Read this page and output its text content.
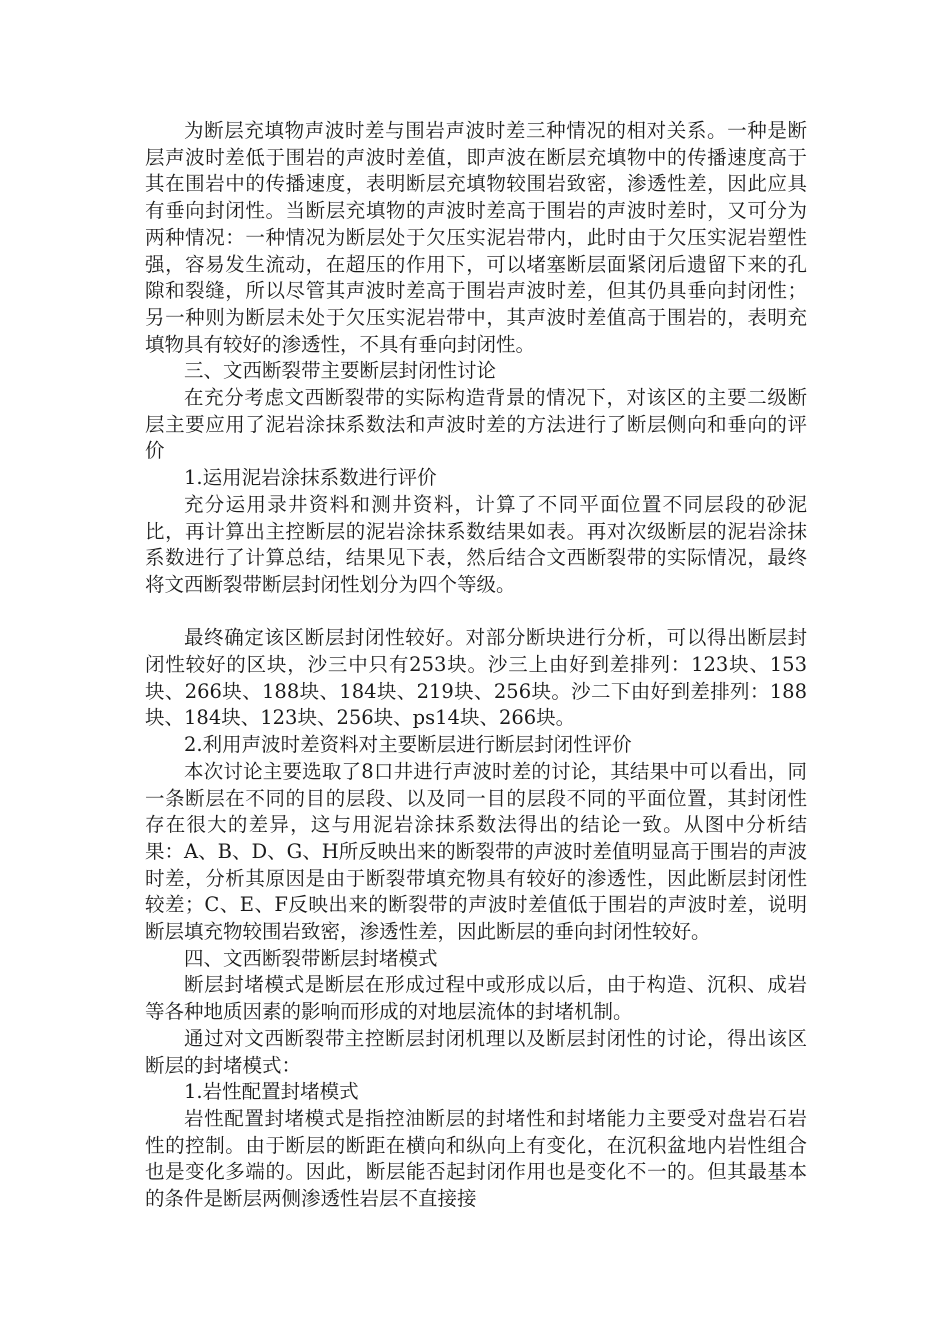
为断层充填物声波时差与围岩声波时差三种情况的相对关系。一种是断层声波时差低于围岩的声波时差值，即声波在断层充填物中的传播速度高于其在围岩中的传播速度，表明断层充填物较围岩致密，渗透性差，因此应具有垂向封闭性。当断层充填物的声波时差高于围岩的声波时差时，又可分为两种情况：一种情况为断层处于欠压实泥岩带内，此时由于欠压实泥岩塑性强，容易发生流动，在超压的作用下，可以堵塞断层面紧闭后遗留下来的孔隙和裂缝，所以尽管其声波时差高于围岩声波时差，但其仍具垂向封闭性；另一种则为断层未处于欠压实泥岩带中，其声波时差值高于围岩的，表明充填物具有较好的渗透性，不具有垂向封闭性。

三、文西断裂带主要断层封闭性讨论

在充分考虑文西断裂带的实际构造背景的情况下，对该区的主要二级断层主要应用了泥岩涂抹系数法和声波时差的方法进行了断层侧向和垂向的评价

1.运用泥岩涂抹系数进行评价

充分运用录井资料和测井资料，计算了不同平面位置不同层段的砂泥比，再计算出主控断层的泥岩涂抹系数结果如表。再对次级断层的泥岩涂抹系数进行了计算总结，结果见下表，然后结合文西断裂带的实际情况，最终将文西断裂带断层封闭性划分为四个等级。

最终确定该区断层封闭性较好。对部分断块进行分析，可以得出断层封闭性较好的区块，沙三中只有253块。沙三上由好到差排列：123块、153块、266块、188块、184块、219块、256块。沙二下由好到差排列：188块、184块、123块、256块、ps14块、266块。

2.利用声波时差资料对主要断层进行断层封闭性评价

本次讨论主要选取了8口井进行声波时差的讨论，其结果中可以看出，同一条断层在不同的目的层段、以及同一目的层段不同的平面位置，其封闭性存在很大的差异，这与用泥岩涂抹系数法得出的结论一致。从图中分析结果：A、B、D、G、H所反映出来的断裂带的声波时差值明显高于围岩的声波时差，分析其原因是由于断裂带填充物具有较好的渗透性，因此断层封闭性较差；C、E、F反映出来的断裂带的声波时差值低于围岩的声波时差，说明断层填充物较围岩致密，渗透性差，因此断层的垂向封闭性较好。

四、文西断裂带断层封堵模式

断层封堵模式是断层在形成过程中或形成以后，由于构造、沉积、成岩等各种地质因素的影响而形成的对地层流体的封堵机制。

通过对文西断裂带主控断层封闭机理以及断层封闭性的讨论，得出该区断层的封堵模式：

1.岩性配置封堵模式

岩性配置封堵模式是指控油断层的封堵性和封堵能力主要受对盘岩石岩性的控制。由于断层的断距在横向和纵向上有变化，在沉积盆地内岩性组合也是变化多端的。因此，断层能否起封闭作用也是变化不一的。但其最基本的条件是断层两侧渗透性岩层不直接接
